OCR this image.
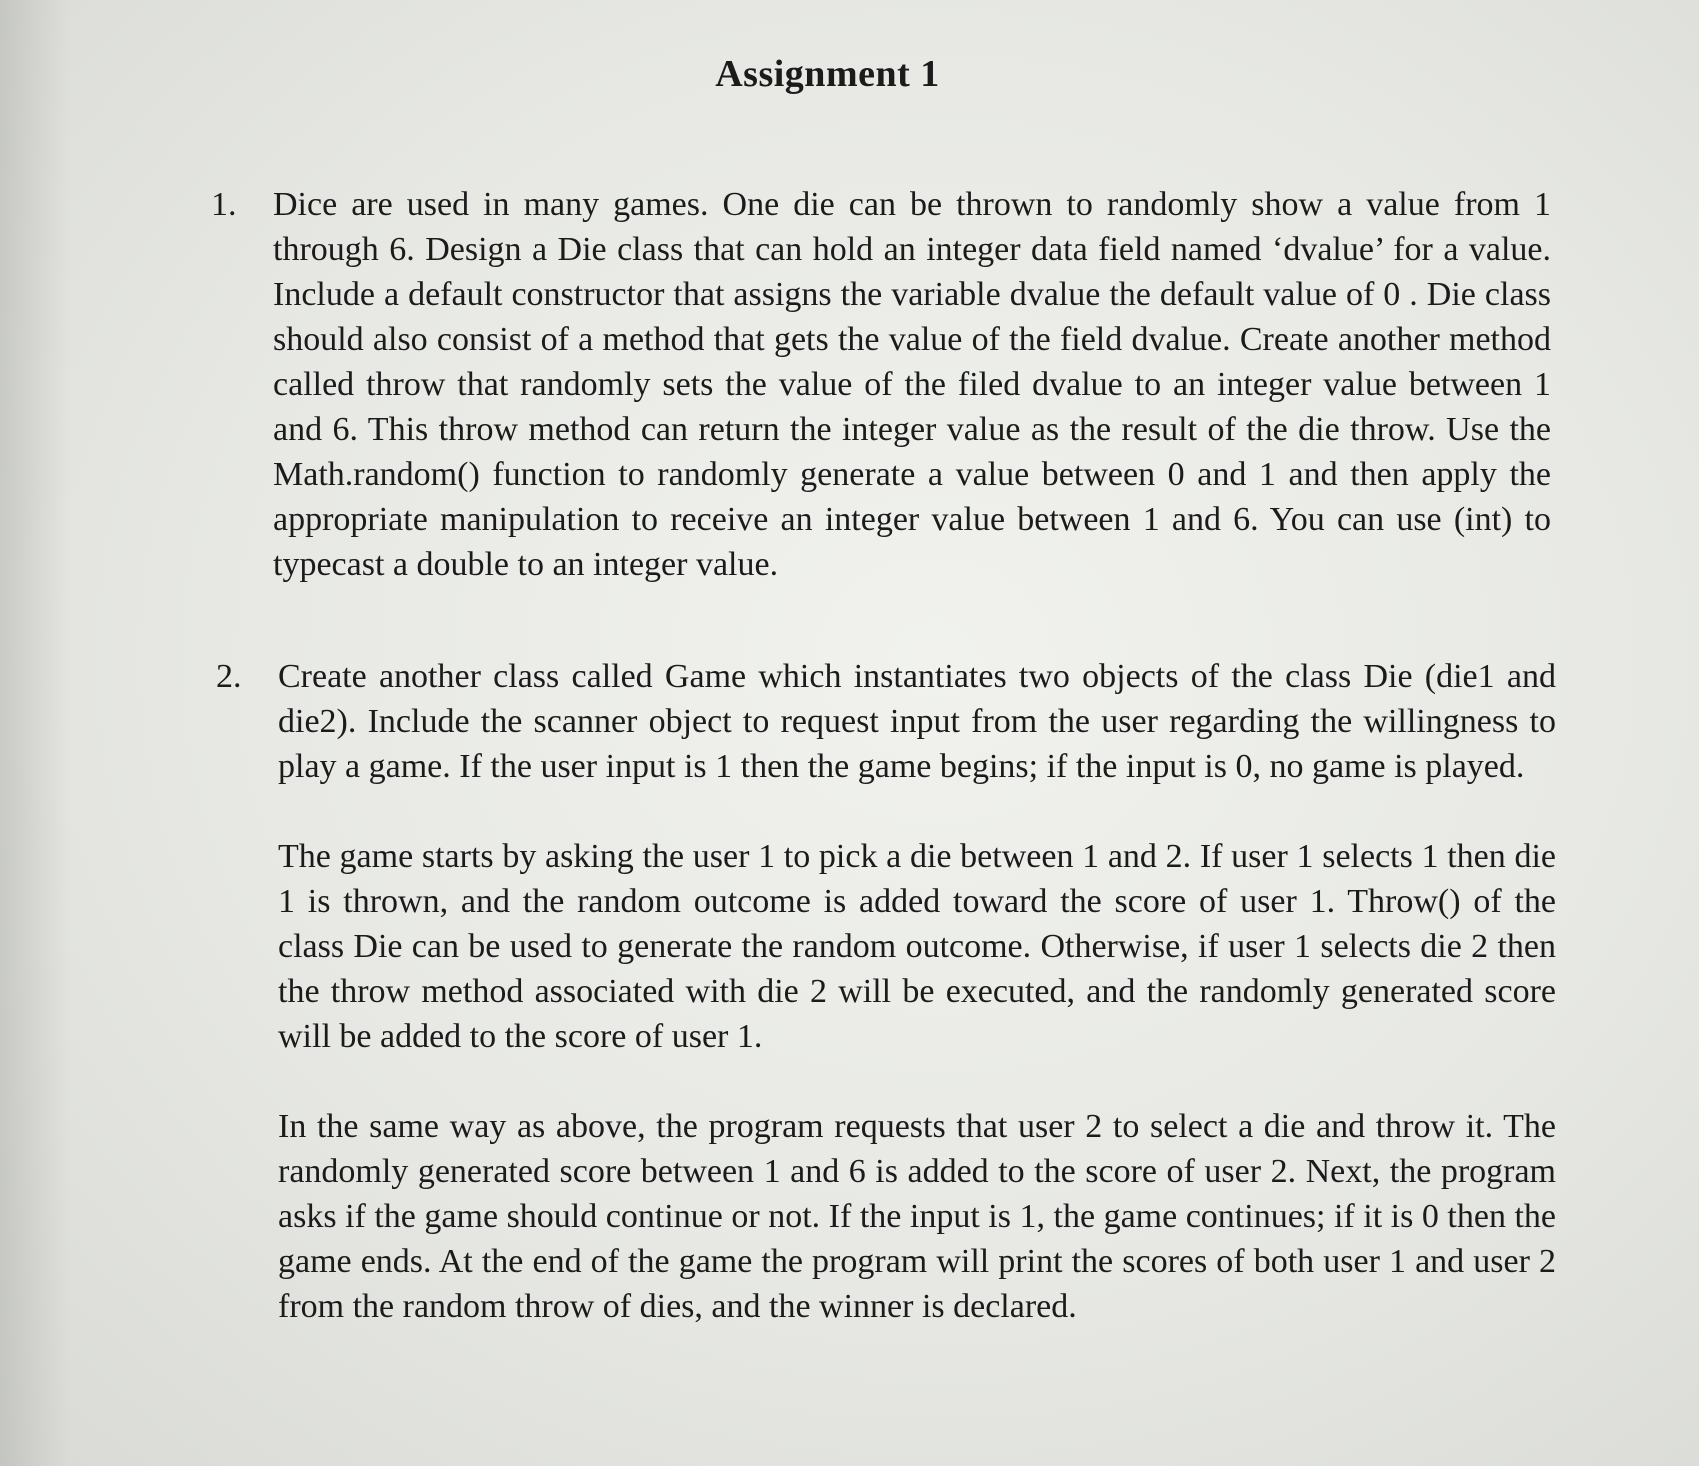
Assignment 1
1. Dice are used in many games. One die can be thrown to randomly show a value from 1 through 6. Design a Die class that can hold an integer data field named ‘dvalue’ for a value. Include a default constructor that assigns the variable dvalue the default value of 0 . Die class should also consist of a method that gets the value of the field dvalue. Create another method called throw that randomly sets the value of the filed dvalue to an integer value between 1 and 6. This throw method can return the integer value as the result of the die throw. Use the Math.random() function to randomly generate a value between 0 and 1 and then apply the appropriate manipulation to receive an integer value between 1 and 6. You can use (int) to typecast a double to an integer value.

2. Create another class called Game which instantiates two objects of the class Die (die1 and die2). Include the scanner object to request input from the user regarding the willingness to play a game. If the user input is 1 then the game begins; if the input is 0, no game is played.

The game starts by asking the user 1 to pick a die between 1 and 2. If user 1 selects 1 then die 1 is thrown, and the random outcome is added toward the score of user 1. Throw() of the class Die can be used to generate the random outcome. Otherwise, if user 1 selects die 2 then the throw method associated with die 2 will be executed, and the randomly generated score will be added to the score of user 1.

In the same way as above, the program requests that user 2 to select a die and throw it. The randomly generated score between 1 and 6 is added to the score of user 2. Next, the program asks if the game should continue or not. If the input is 1, the game continues; if it is 0 then the game ends. At the end of the game the program will print the scores of both user 1 and user 2 from the random throw of dies, and the winner is declared.
